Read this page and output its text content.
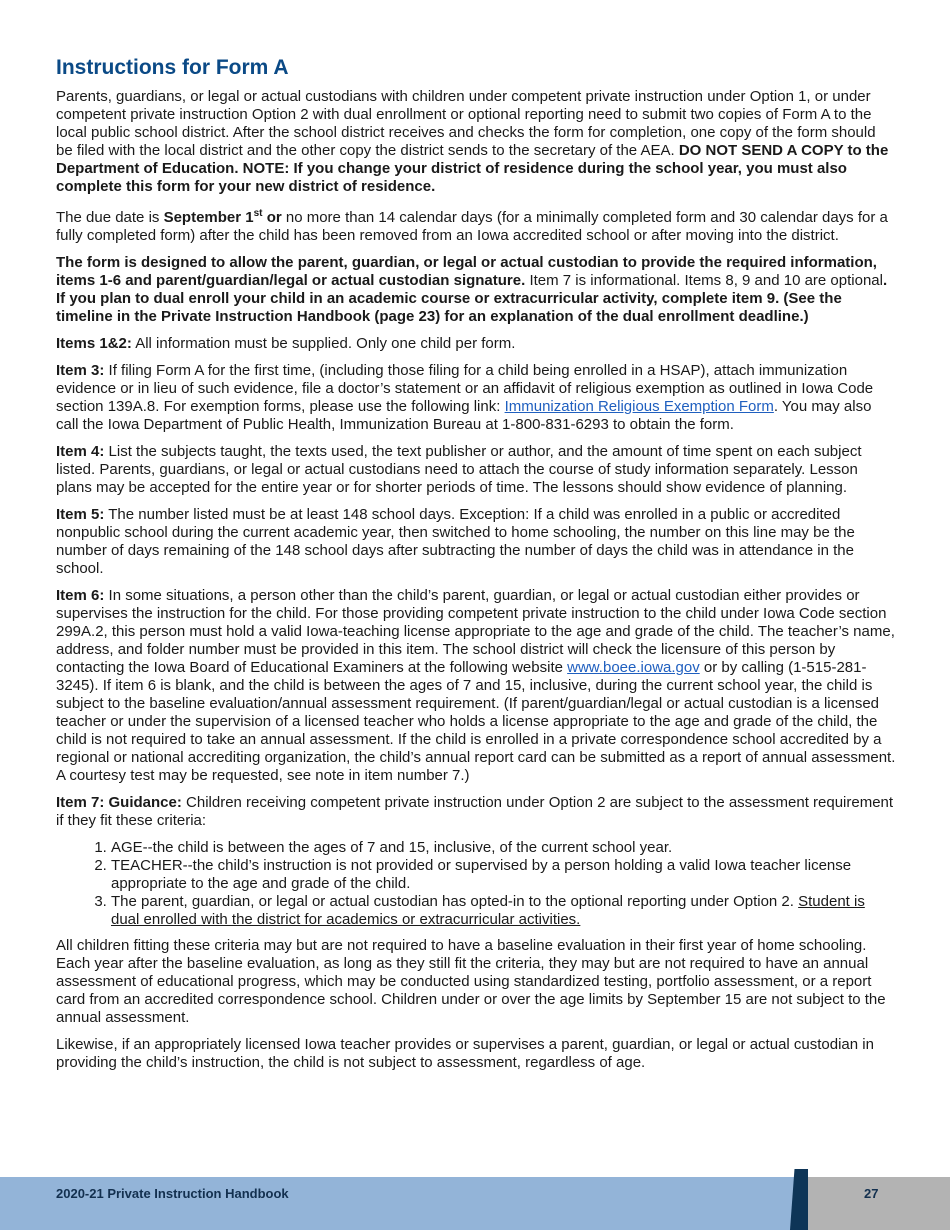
Instructions for Form A

Parents, guardians, or legal or actual custodians with children under competent private instruction under Option 1, or under competent private instruction Option 2 with dual enrollment or optional reporting need to submit two copies of Form A to the local public school district. After the school district receives and checks the form for completion, one copy of the form should be filed with the local district and the other copy the district sends to the secretary of the AEA. DO NOT SEND A COPY to the Department of Education. NOTE: If you change your district of residence during the school year, you must also complete this form for your new district of residence.

The due date is September 1st or no more than 14 calendar days (for a minimally completed form and 30 calendar days for a fully completed form) after the child has been removed from an Iowa accredited school or after moving into the district.

The form is designed to allow the parent, guardian, or legal or actual custodian to provide the required information, items 1-6 and parent/guardian/legal or actual custodian signature. Item 7 is informational. Items 8, 9 and 10 are optional. If you plan to dual enroll your child in an academic course or extracurricular activity, complete item 9. (See the timeline in the Private Instruction Handbook (page 23) for an explanation of the dual enrollment deadline.)

Items 1&2: All information must be supplied. Only one child per form.

Item 3: If filing Form A for the first time, (including those filing for a child being enrolled in a HSAP), attach immunization evidence or in lieu of such evidence, file a doctor’s statement or an affidavit of religious exemption as outlined in Iowa Code section 139A.8. For exemption forms, please use the following link: Immunization Religious Exemption Form. You may also call the Iowa Department of Public Health, Immunization Bureau at 1-800-831-6293 to obtain the form.

Item 4: List the subjects taught, the texts used, the text publisher or author, and the amount of time spent on each subject listed. Parents, guardians, or legal or actual custodians need to attach the course of study information separately. Lesson plans may be accepted for the entire year or for shorter periods of time. The lessons should show evidence of planning.

Item 5: The number listed must be at least 148 school days. Exception: If a child was enrolled in a public or accredited nonpublic school during the current academic year, then switched to home schooling, the number on this line may be the number of days remaining of the 148 school days after subtracting the number of days the child was in attendance in the school.

Item 6: In some situations, a person other than the child’s parent, guardian, or legal or actual custodian either provides or supervises the instruction for the child. For those providing competent private instruction to the child under Iowa Code section 299A.2, this person must hold a valid Iowa-teaching license appropriate to the age and grade of the child. The teacher’s name, address, and folder number must be provided in this item. The school district will check the licensure of this person by contacting the Iowa Board of Educational Examiners at the following website www.boee.iowa.gov or by calling (1-515-281-3245). If item 6 is blank, and the child is between the ages of 7 and 15, inclusive, during the current school year, the child is subject to the baseline evaluation/annual assessment requirement. (If parent/guardian/legal or actual custodian is a licensed teacher or under the supervision of a licensed teacher who holds a license appropriate to the age and grade of the child, the child is not required to take an annual assessment. If the child is enrolled in a private correspondence school accredited by a regional or national accrediting organization, the child’s annual report card can be submitted as a report of annual assessment. A courtesy test may be requested, see note in item number 7.)

Item 7: Guidance: Children receiving competent private instruction under Option 2 are subject to the assessment requirement if they fit these criteria:

1. AGE--the child is between the ages of 7 and 15, inclusive, of the current school year.
2. TEACHER--the child’s instruction is not provided or supervised by a person holding a valid Iowa teacher license appropriate to the age and grade of the child.
3. The parent, guardian, or legal or actual custodian has opted-in to the optional reporting under Option 2. Student is dual enrolled with the district for academics or extracurricular activities.

All children fitting these criteria may but are not required to have a baseline evaluation in their first year of home schooling. Each year after the baseline evaluation, as long as they still fit the criteria, they may but are not required to have an annual assessment of educational progress, which may be conducted using standardized testing, portfolio assessment, or a report card from an accredited correspondence school. Children under or over the age limits by September 15 are not subject to the annual assessment.

Likewise, if an appropriately licensed Iowa teacher provides or supervises a parent, guardian, or legal or actual custodian in providing the child’s instruction, the child is not subject to assessment, regardless of age.

2020-21 Private Instruction Handbook	27
